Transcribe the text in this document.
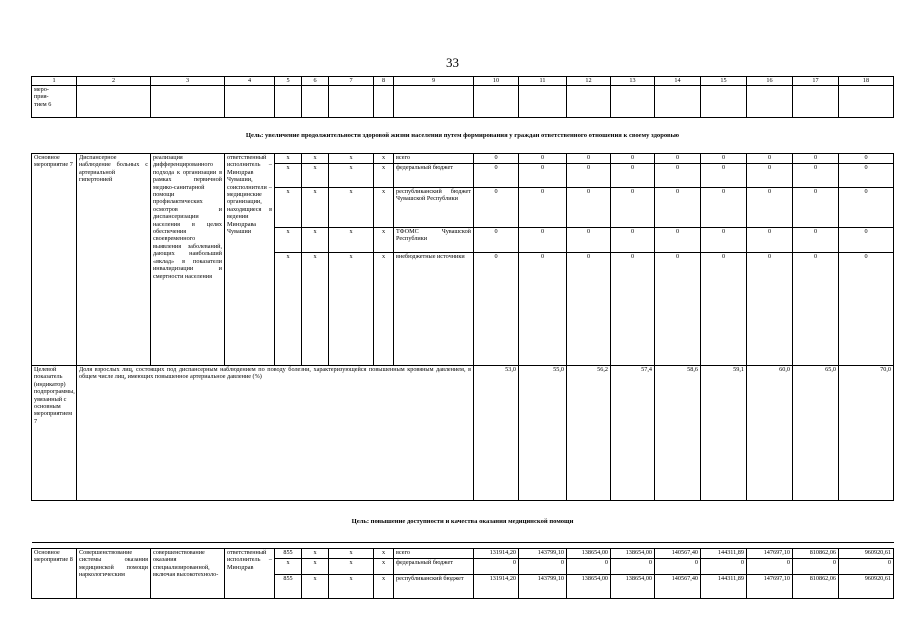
33
1	2	3	4	5	6	7	8	9	10	11	12	13	14	15	16	17	18
меро-
прия-
тием 6																	
Цель: увеличение продолжительности здоровой жизни населения путем формирования у граждан ответственного отношения к своему здоровью																	
Основное мероприятие 7	Диспансерное наблюдение больных с артериальной гипертонией	реализация дифференцированного подхода к организации в рамках первичной медико-санитарной помощи профилактических осмотров и диспансеризации населения в целях обеспечения своевременного выявления заболеваний, дающих наибольший «вклад» в показатели инвалидизации и смертности населения	ответственный исполнитель – Минздрав Чувашии, соисполнители – медицинские организации, находящиеся в ведении Минздрава Чувашии	x	x	x	x	всего	0	0	0	0	0	0	0	0	0
				x	x	x	x	федеральный бюджет	0	0	0	0	0	0	0	0	0
				x	x	x	x	республиканский бюджет Чувашской Республики	0	0	0	0	0	0	0	0	0
				x	x	x	x	ТФОМС Чувашской Республики	0	0	0	0	0	0	0	0	0
				x	x	x	x	внебюджетные источники	0	0	0	0	0	0	0	0	0
Целевой показатель (индикатор) подпрограммы, увязанный с основным мероприятием 7	Доля взрослых лиц, состоящих под диспансерным наблюдением по поводу болезни, характеризующейся повышенным кровяным давлением, в общем числе лиц, имеющих повышенное артериальное давление (%)								53,0	55,0	56,2	57,4	58,6	59,1	60,0	65,0	70,0
Цель: повышение доступности и качества оказания медицинской помощи																	

Основное мероприятие 8	Совершенствование системы оказания медицинской помощи наркологическим	совершенствование оказания специализированной, включая высокотехноло-	ответственный исполнитель – Минздрав	855	x	x	x	всего	131914,20	143799,10	138654,00	138654,00	140567,40	144311,89	147697,10	810862,06	960920,61
				x	x	x	x	федеральный бюджет	0	0	0	0	0	0	0	0	0
				855	x	x	x	республиканский бюджет	131914,20	143799,10	138654,00	138654,00	140567,40	144311,89	147697,10	810862,06	960920,61
